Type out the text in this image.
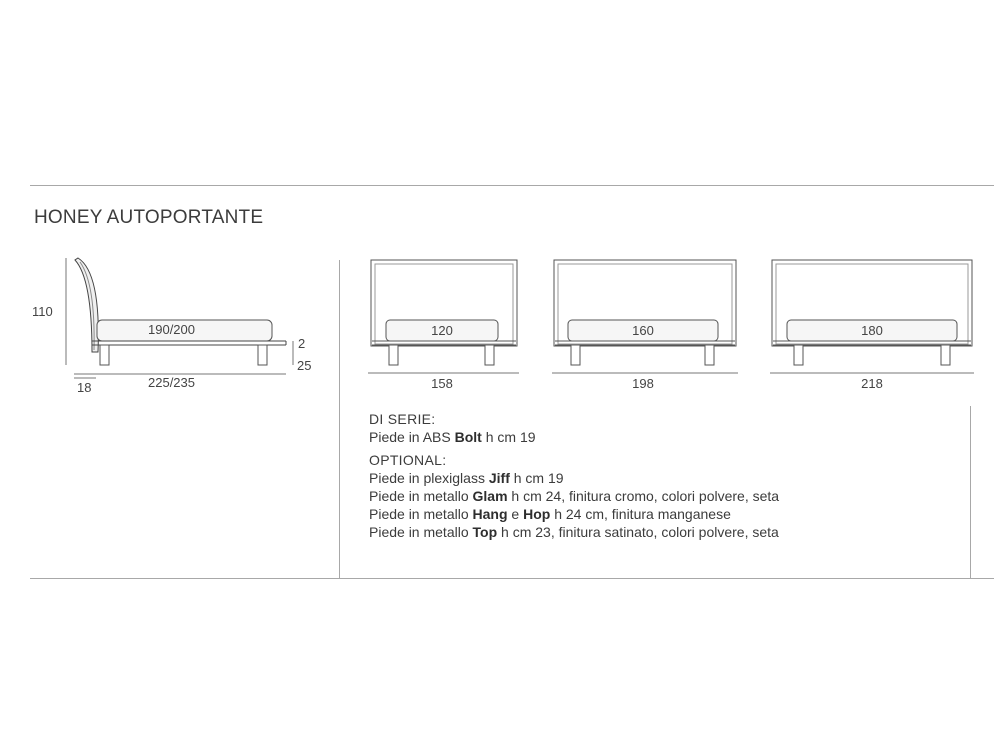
HONEY AUTOPORTANTE
110
190/200
2
25
18	225/235
120
158
160
198
180
218
DI SERIE:
Piede in ABS Bolt h cm 19
OPTIONAL:
Piede in plexiglass Jiff h cm 19
Piede in metallo Glam h cm 24, finitura cromo, colori polvere, seta
Piede in metallo Hang e Hop h 24 cm, finitura manganese
Piede in metallo Top h cm 23, finitura satinato, colori polvere, seta
